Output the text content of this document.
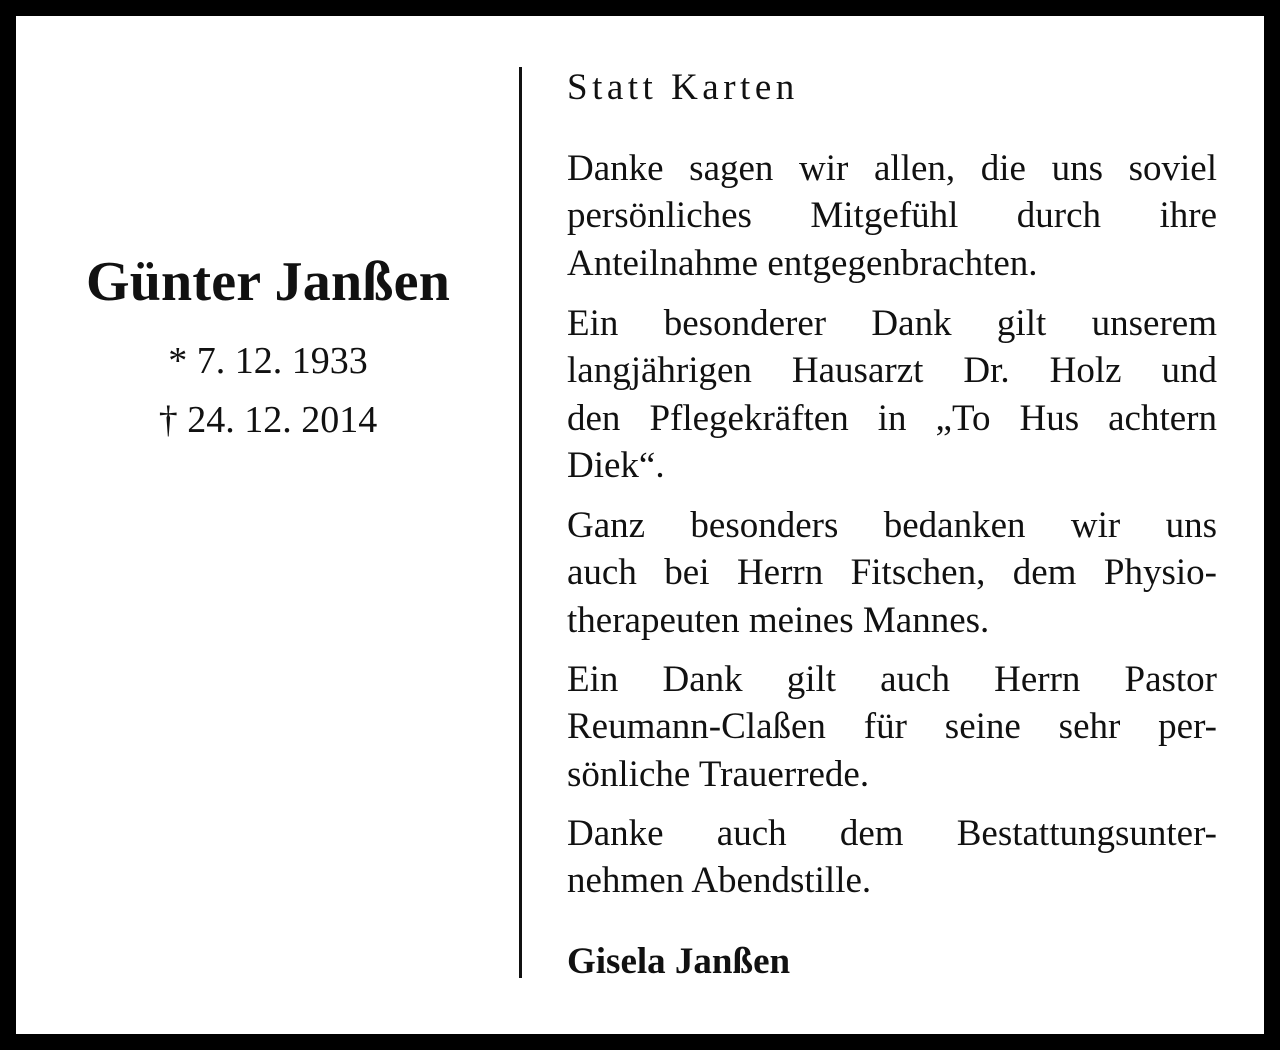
Günter Janßen
* 7. 12. 1933
† 24. 12. 2014
Statt Karten
Danke sagen wir allen, die uns soviel
persönliches Mitgefühl durch ihre
Anteilnahme entgegenbrachten.
Ein besonderer Dank gilt unserem
langjährigen Hausarzt Dr. Holz und
den Pflegekräften in „To Hus achtern
Diek“.
Ganz besonders bedanken wir uns
auch bei Herrn Fitschen, dem Physio-
therapeuten meines Mannes.
Ein Dank gilt auch Herrn Pastor
Reumann-Claßen für seine sehr per-
sönliche Trauerrede.
Danke auch dem Bestattungsunter-
nehmen Abendstille.
Gisela Janßen
